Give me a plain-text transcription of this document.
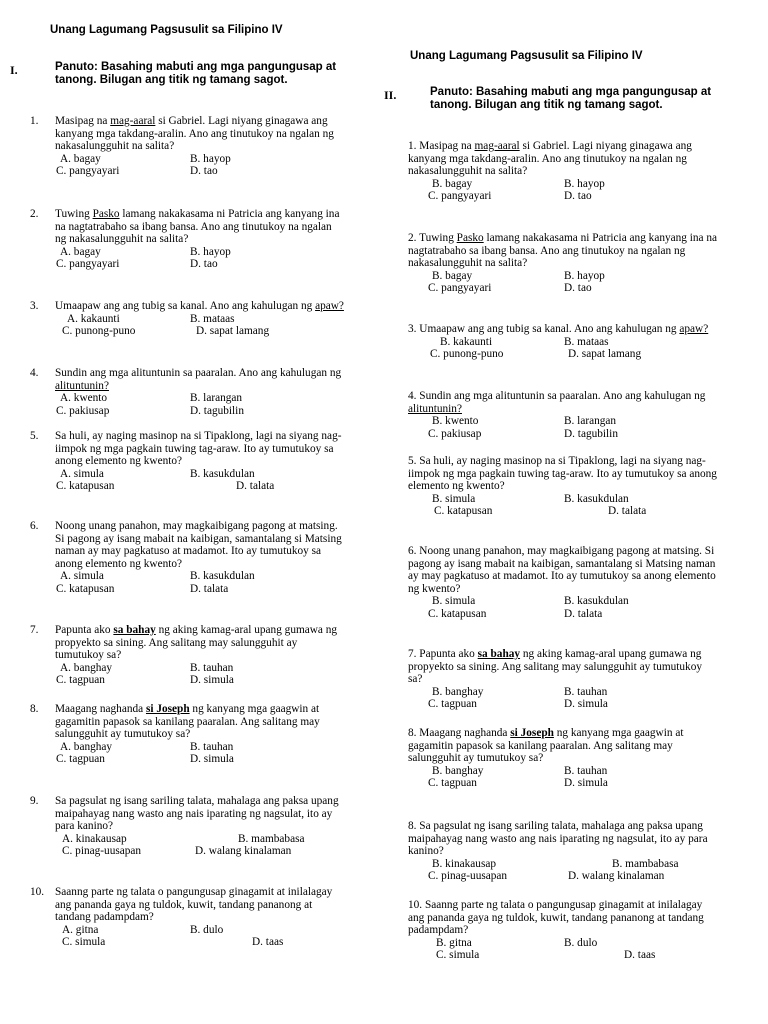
Unang Lagumang Pagsusulit sa Filipino IV
I.	Panuto: Basahing mabuti ang mga pangungusap at tanong. Bilugan ang titik ng tamang sagot.
1. Masipag na mag-aaral si Gabriel. Lagi niyang ginagawa ang kanyang mga takdang-aralin. Ano ang tinutukoy na ngalan ng nakasalungguhit na salita?
A. bagay	B. hayop
C. pangyayari	D. tao
2. Tuwing Pasko lamang nakakasama ni Patricia ang kanyang ina na nagtatrabaho sa ibang bansa. Ano ang tinutukoy na ngalan ng nakasalungguhit na salita?
A. bagay	B. hayop
C. pangyayari	D. tao
3. Umaapaw ang ang tubig sa kanal. Ano ang kahulugan ng apaw?
A. kakaunti	B. mataas
C. punong-puno	D. sapat lamang
4. Sundin ang mga alituntunin sa paaralan. Ano ang kahulugan ng alituntunin?
A. kwento	B. larangan
C. pakiusap	D. tagubilin
5. Sa huli, ay naging masinop na si Tipaklong, lagi na siyang nag-iimpok ng mga pagkain tuwing tag-araw. Ito ay tumutukoy sa anong elemento ng kwento?
A. simula	B. kasukdulan
C. katapusan	D. talata
6. Noong unang panahon, may magkaibigang pagong at matsing. Si pagong ay isang mabait na kaibigan, samantalang si Matsing naman ay may pagkatuso at madamot. Ito ay tumutukoy sa anong elemento ng kwento?
A. simula	B. kasukdulan
C. katapusan	D. talata
7. Papunta ako sa bahay ng aking kamag-aral upang gumawa ng propyekto sa sining. Ang salitang may salungguhit ay tumutukoy sa?
A. banghay	B. tauhan
C. tagpuan	D. simula
8. Maagang naghanda si Joseph ng kanyang mga gaagwin at gagamitin papasok sa kanilang paaralan. Ang salitang may salungguhit ay tumutukoy sa?
A. banghay	B. tauhan
C. tagpuan	D. simula
9. Sa pagsulat ng isang sariling talata, mahalaga ang paksa upang maipahayag nang wasto ang nais iparating ng nagsulat, ito ay para kanino?
A. kinakausap	B. mambabasa
C. pinag-uusapan	D. walang kinalaman
10. Saanng parte ng talata o pangungusap ginagamit at inilalagay ang pananda gaya ng tuldok, kuwit, tandang pananong at tandang padampdam?
A. gitna	B. dulo
C. simula	D. taas
Unang Lagumang Pagsusulit sa Filipino IV
II.	Panuto: Basahing mabuti ang mga pangungusap at tanong. Bilugan ang titik ng tamang sagot.
1. Masipag na mag-aaral si Gabriel. Lagi niyang ginagawa ang kanyang mga takdang-aralin. Ano ang tinutukoy na ngalan ng nakasalungguhit na salita?
B. bagay	B. hayop
C. pangyayari	D. tao
2. Tuwing Pasko lamang nakakasama ni Patricia ang kanyang ina na nagtatrabaho sa ibang bansa. Ano ang tinutukoy na ngalan ng nakasalungguhit na salita?
B. bagay	B. hayop
C. pangyayari	D. tao
3. Umaapaw ang ang tubig sa kanal. Ano ang kahulugan ng apaw?
B. kakaunti	B. mataas
C. punong-puno	D. sapat lamang
4. Sundin ang mga alituntunin sa paaralan. Ano ang kahulugan ng alituntunin?
B. kwento	B. larangan
C. pakiusap	D. tagubilin
5. Sa huli, ay naging masinop na si Tipaklong, lagi na siyang nag-iimpok ng mga pagkain tuwing tag-araw. Ito ay tumutukoy sa anong elemento ng kwento?
B. simula	B. kasukdulan
C. katapusan	D. talata
6. Noong unang panahon, may magkaibigang pagong at matsing. Si pagong ay isang mabait na kaibigan, samantalang si Matsing naman ay may pagkatuso at madamot. Ito ay tumutukoy sa anong elemento ng kwento?
B. simula	B. kasukdulan
C. katapusan	D. talata
7. Papunta ako sa bahay ng aking kamag-aral upang gumawa ng propyekto sa sining. Ang salitang may salungguhit ay tumutukoy sa?
B. banghay	B. tauhan
C. tagpuan	D. simula
8. Maagang naghanda si Joseph ng kanyang mga gaagwin at gagamitin papasok sa kanilang paaralan. Ang salitang may salungguhit ay tumutukoy sa?
B. banghay	B. tauhan
C. tagpuan	D. simula
8. Sa pagsulat ng isang sariling talata, mahalaga ang paksa upang maipahayag nang wasto ang nais iparating ng nagsulat, ito ay para kanino?
B. kinakausap	B. mambabasa
C. pinag-uusapan	D. walang kinalaman
10. Saanng parte ng talata o pangungusap ginagamit at inilalagay ang pananda gaya ng tuldok, kuwit, tandang pananong at tandang padampdam?
B. gitna	B. dulo
C. simula	D. taas
